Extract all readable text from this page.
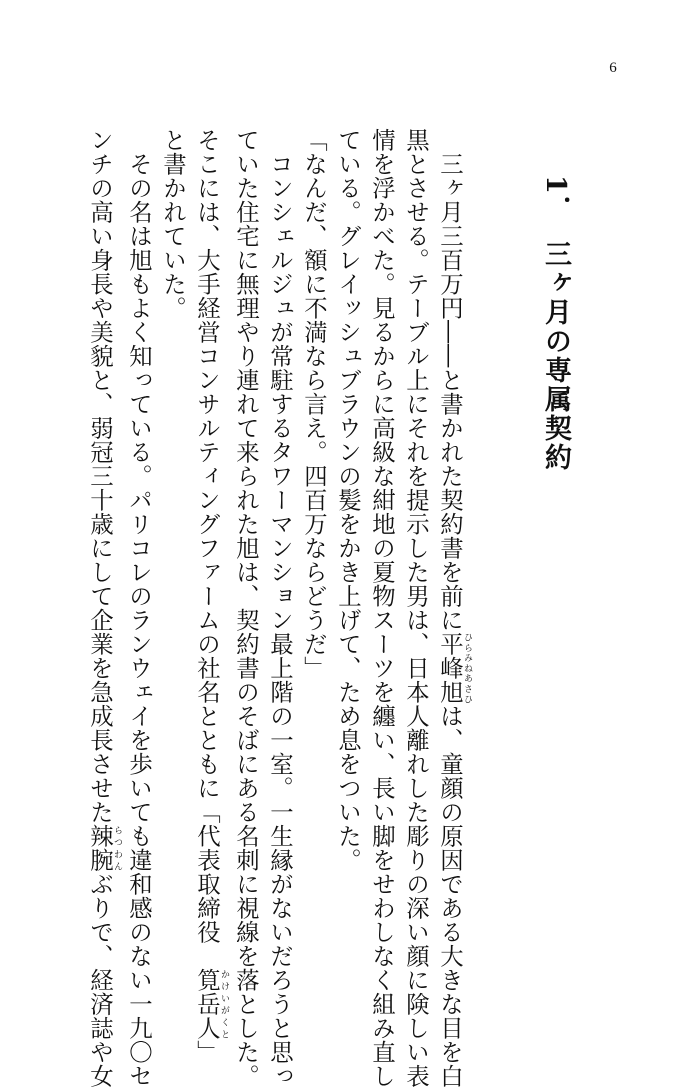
6
1．　三ヶ月の専属契約
　三ヶ月三百万円――と書かれた契約書を前に平峰旭ひらみねあさひは、童顔の原因である大きな目を白
黒とさせる。テーブル上にそれを提示した男は、日本人離れした彫りの深い顔に険しい表
情を浮かべた。見るからに高級な紺地の夏物スーツを纏い、長い脚をせわしなく組み直し
ている。グレイッシュブラウンの髪をかき上げて、ため息をついた。
「なんだ、額に不満なら言え。四百万ならどうだ」
　コンシェルジュが常駐するタワーマンション最上階の一室。一生縁がないだろうと思っ
ていた住宅に無理やり連れて来られた旭は、契約書のそばにある名刺に視線を落とした。
そこには、大手経営コンサルティングファームの社名とともに「代表取締役　筧岳人かけいがくと」
と書かれていた。
　その名は旭もよく知っている。パリコレのランウェイを歩いても違和感のない一九〇セ
ンチの高い身長や美貌と、弱冠三十歳にして企業を急成長させた辣腕らつわんぶりで、経済誌や女
